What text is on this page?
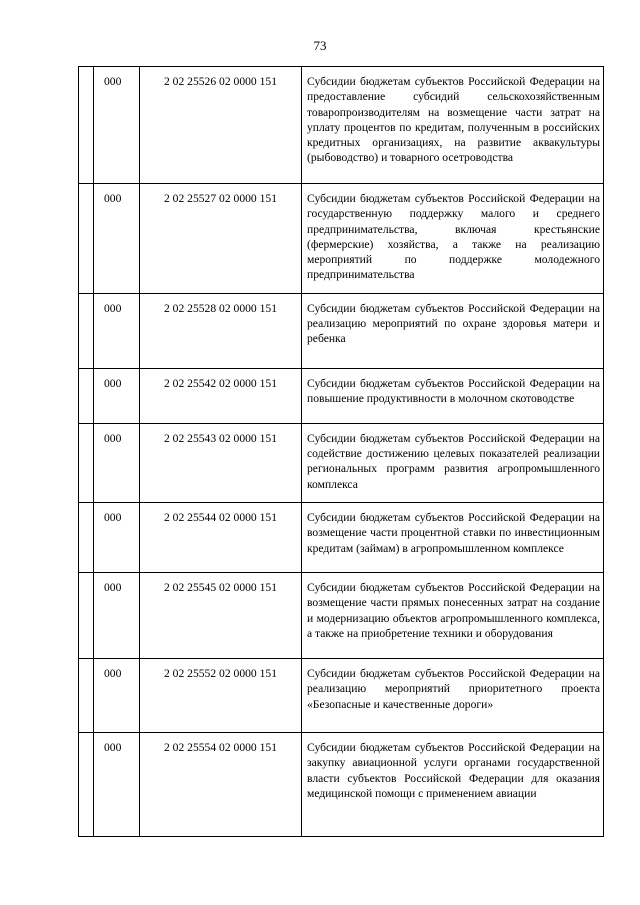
73
	000	2 02 25526 02 0000 151	Субсидии бюджетам субъектов Российской Федерации на предоставление субсидий сельскохозяйственным товаропроизводителям на возмещение части затрат на уплату процентов по кредитам, полученным в российских кредитных организациях, на развитие аквакультуры (рыбоводство) и товарного осетроводства
	000	2 02 25527 02 0000 151	Субсидии бюджетам субъектов Российской Федерации на государственную поддержку малого и среднего предпринимательства, включая крестьянские (фермерские) хозяйства, а также на реализацию мероприятий по поддержке молодежного предпринимательства
	000	2 02 25528 02 0000 151	Субсидии бюджетам субъектов Российской Федерации на реализацию мероприятий по охране здоровья матери и ребенка
	000	2 02 25542 02 0000 151	Субсидии бюджетам субъектов Российской Федерации на повышение продуктивности в молочном скотоводстве
	000	2 02 25543 02 0000 151	Субсидии бюджетам субъектов Российской Федерации на содействие достижению целевых показателей реализации региональных программ развития агропромышленного комплекса
	000	2 02 25544 02 0000 151	Субсидии бюджетам субъектов Российской Федерации на возмещение части процентной ставки по инвестиционным кредитам (займам) в агропромышленном комплексе
	000	2 02 25545 02 0000 151	Субсидии бюджетам субъектов Российской Федерации на возмещение части прямых понесенных затрат на создание и модернизацию объектов агропромышленного комплекса, а также на приобретение техники и оборудования
	000	2 02 25552 02 0000 151	Субсидии бюджетам субъектов Российской Федерации на реализацию мероприятий приоритетного проекта «Безопасные и качественные дороги»
	000	2 02 25554 02 0000 151	Субсидии бюджетам субъектов Российской Федерации на закупку авиационной услуги органами государственной власти субъектов Российской Федерации для оказания медицинской помощи с применением авиации
